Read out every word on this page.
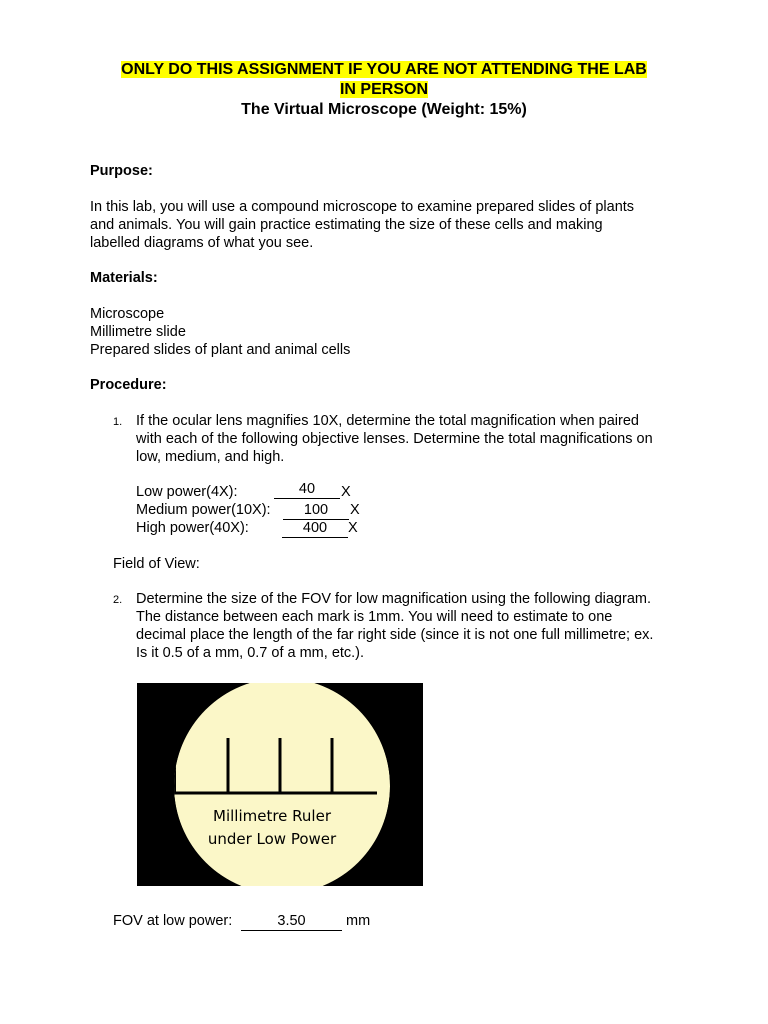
ONLY DO THIS ASSIGNMENT IF YOU ARE NOT ATTENDING THE LAB
IN PERSON
The Virtual Microscope (Weight: 15%)
Purpose:
In this lab, you will use a compound microscope to examine prepared slides of plants
and animals. You will gain practice estimating the size of these cells and making
labelled diagrams of what you see.
Materials:
Microscope
Millimetre slide
Prepared slides of plant and animal cells
Procedure:
1. If the ocular lens magnifies 10X, determine the total magnification when paired
with each of the following objective lenses. Determine the total magnifications on
low, medium, and high.
Low power(4X):	40	X
Medium power(10X):	100	X
High power(40X):	400	X
Field of View:
2. Determine the size of the FOV for low magnification using the following diagram.
The distance between each mark is 1mm. You will need to estimate to one
decimal place the length of the far right side (since it is not one full millimetre; ex.
Is it 0.5 of a mm, 0.7 of a mm, etc.).
Millimetre Ruler
under Low Power
FOV at low power:	3.50	mm
